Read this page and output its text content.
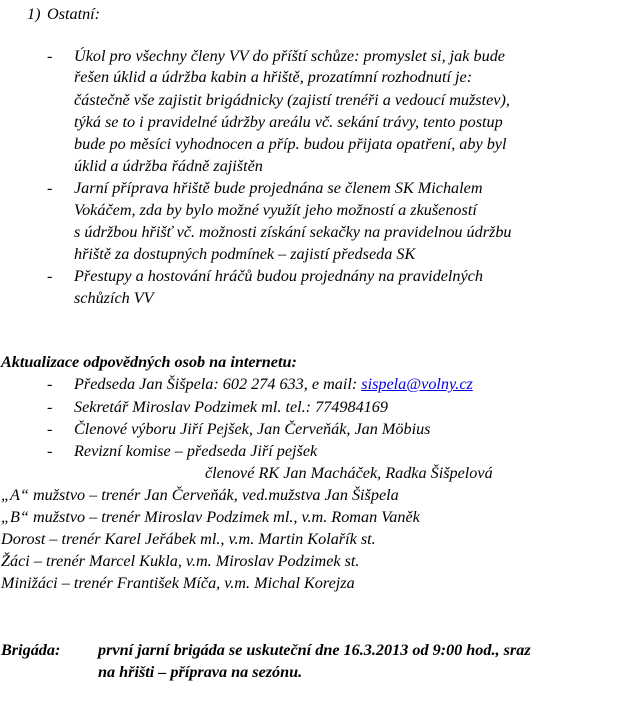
1) Ostatní:
- Úkol pro všechny členy VV do příští schůze: promyslet si, jak bude
řešen úklid a údržba kabin a hřiště, prozatímní rozhodnutí je:
částečně vše zajistit brigádnicky (zajistí trenéři a vedoucí mužstev),
týká se to i pravidelné údržby areálu vč. sekání trávy, tento postup
bude po měsíci vyhodnocen a příp. budou přijata opatření, aby byl
úklid a údržba řádně zajištěn
- Jarní příprava hřiště bude projednána se členem SK Michalem
Vokáčem, zda by bylo možné využít jeho možností a zkušeností
s údržbou hřišť vč. možnosti získání sekačky na pravidelnou údržbu
hřiště za dostupných podmínek – zajistí předseda SK
- Přestupy a hostování hráčů budou projednány na pravidelných
schůzích VV
Aktualizace odpovědných osob na internetu:
- Předseda Jan Šišpela: 602 274 633, e mail: sispela@volny.cz
- Sekretář Miroslav Podzimek ml. tel.: 774984169
- Členové výboru Jiří Pejšek, Jan Červeňák, Jan Möbius
- Revizní komise – předseda Jiří pejšek
členové RK Jan Macháček, Radka Šišpelová
„A“ mužstvo – trenér Jan Červeňák, ved.mužstva Jan Šišpela
„B“ mužstvo – trenér Miroslav Podzimek ml., v.m. Roman Vaněk
Dorost – trenér Karel Jeřábek ml., v.m. Martin Kolařík st.
Žáci – trenér Marcel Kukla, v.m. Miroslav Podzimek st.
Minižáci – trenér František Míča, v.m. Michal Korejza
Brigáda: první jarní brigáda se uskuteční dne 16.3.2013 od 9:00 hod., sraz
na hřišti – příprava na sezónu.
